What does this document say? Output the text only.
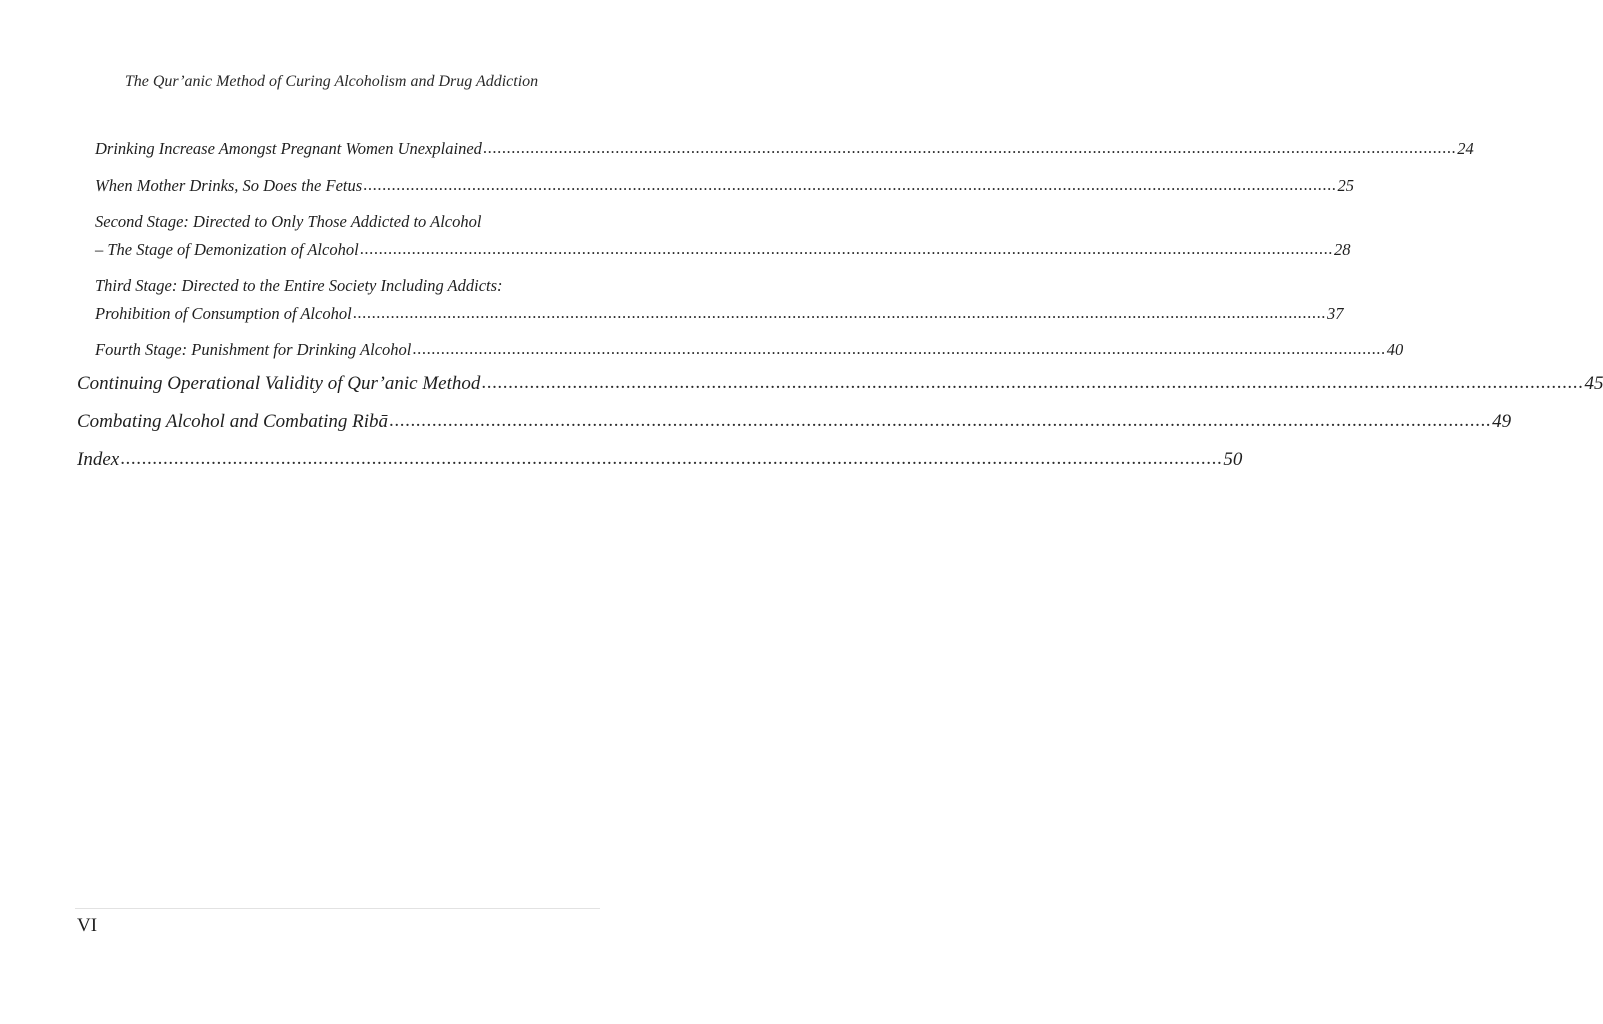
The Qur’anic Method of Curing Alcoholism and Drug Addiction
Drinking Increase Amongst Pregnant Women Unexplained .....	24
When Mother Drinks, So Does the Fetus .....	25
Second Stage: Directed to Only Those Addicted to Alcohol
– The Stage of Demonization of Alcohol .....	28
Third Stage: Directed to the Entire Society Including Addicts:
Prohibition of Consumption of Alcohol .....	37
Fourth Stage: Punishment for Drinking Alcohol .....	40
Continuing Operational Validity of Qur’anic Method .....	45
Combating Alcohol and Combating Ribā .....	49
Index .....	50
VI
